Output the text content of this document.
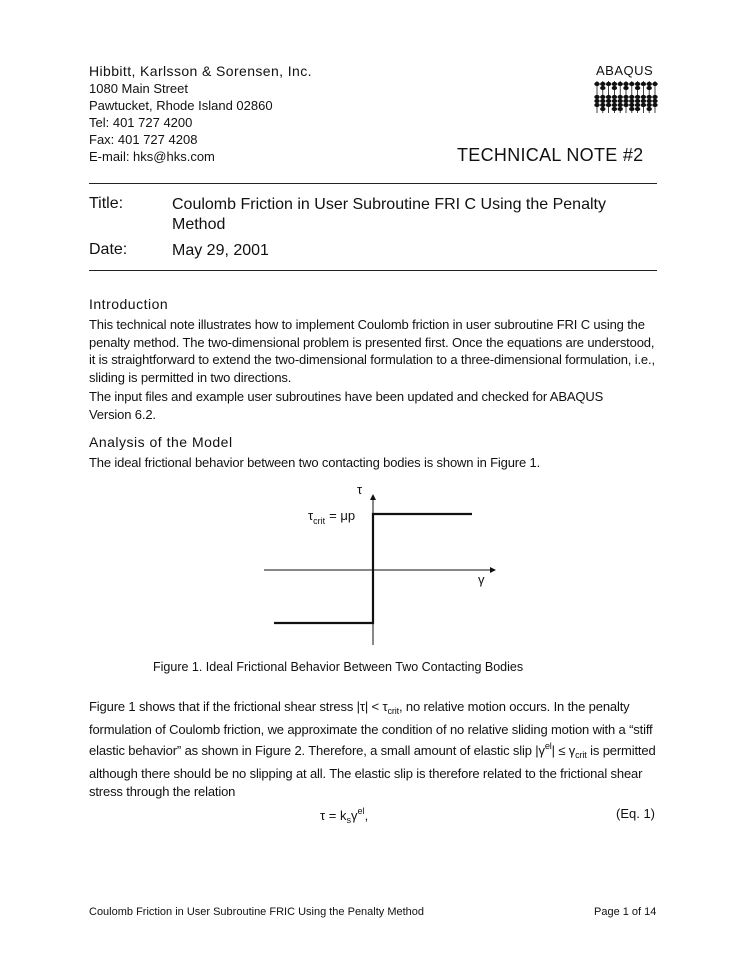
Hibbitt, Karlsson & Sorensen, Inc.
1080 Main Street
Pawtucket, Rhode Island 02860
Tel: 401 727 4200
Fax: 401 727 4208
E-mail: hks@hks.com
ABAQUS
TECHNICAL NOTE #2
Title:	Coulomb Friction in User Subroutine FRI C Using the Penalty Method
Date:	May 29, 2001
Introduction
This technical note illustrates how to implement Coulomb friction in user subroutine FRI C using the penalty method. The two-dimensional problem is presented first. Once the equations are understood, it is straightforward to extend the two-dimensional formulation to a three-dimensional formulation, i.e., sliding is permitted in two directions.
The input files and example user subroutines have been updated and checked for ABAQUS Version 6.2.
Analysis of the Model
The ideal frictional behavior between two contacting bodies is shown in Figure 1.
τ
γ
$\tau_{crit} = \mu p$
Figure 1. Ideal Frictional Behavior Between Two Contacting Bodies
Figure 1 shows that if the frictional shear stress $|\tau| < \tau_{crit}$, no relative motion occurs. In the penalty formulation of Coulomb friction, we approximate the condition of no relative sliding motion with a “stiff elastic behavior” as shown in Figure 2. Therefore, a small amount of elastic slip $|\gamma^{el}| \le \gamma_{crit}$ is permitted although there should be no slipping at all. The elastic slip is therefore related to the frictional shear stress through the relation
$\tau = k_s\gamma^{el}$,	(Eq. 1)
Coulomb Friction in User Subroutine FRIC Using the Penalty Method	Page 1 of 14
